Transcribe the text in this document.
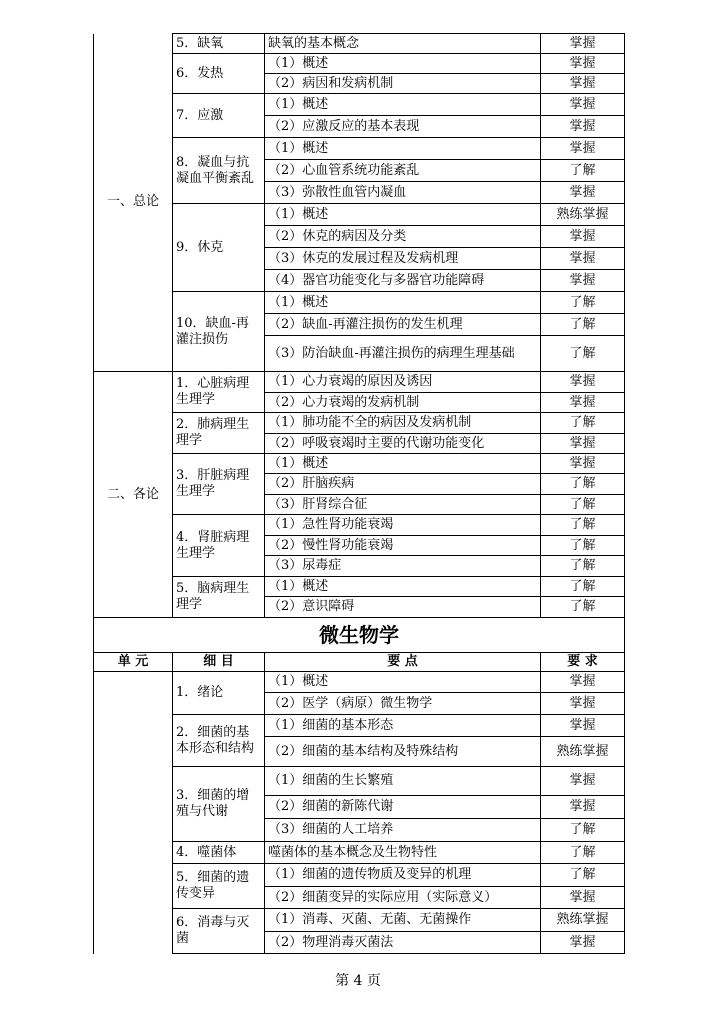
一、总论	5．缺氧	缺氧的基本概念	掌握
	6．发热	（1）概述	掌握
		（2）病因和发病机制	掌握
	7．应激	（1）概述	掌握
		（2）应激反应的基本表现	掌握
	8．凝血与抗凝血平衡紊乱	（1）概述	掌握
		（2）心血管系统功能紊乱	了解
		（3）弥散性血管内凝血	掌握
	9．休克	（1）概述	熟练掌握
		（2）休克的病因及分类	掌握
		（3）休克的发展过程及发病机理	掌握
		（4）器官功能变化与多器官功能障碍	掌握
	10．缺血-再灌注损伤	（1）概述	了解
		（2）缺血-再灌注损伤的发生机理	了解
		（3）防治缺血-再灌注损伤的病理生理基础	了解
二、各论	1．心脏病理生理学	（1）心力衰竭的原因及诱因	掌握
		（2）心力衰竭的发病机制	掌握
	2．肺病理生理学	（1）肺功能不全的病因及发病机制	了解
		（2）呼吸衰竭时主要的代谢功能变化	掌握
	3．肝脏病理生理学	（1）概述	掌握
		（2）肝脑疾病	了解
		（3）肝肾综合征	了解
	4．肾脏病理生理学	（1）急性肾功能衰竭	了解
		（2）慢性肾功能衰竭	了解
		（3）尿毒症	了解
	5．脑病理生理学	（1）概述	了解
		（2）意识障碍	了解
微生物学			
单 元	细 目	要 点	要 求
	1．绪论	（1）概述	掌握
		（2）医学（病原）微生物学	掌握
	2．细菌的基本形态和结构	（1）细菌的基本形态	掌握
		（2）细菌的基本结构及特殊结构	熟练掌握
	3．细菌的增殖与代谢	（1）细菌的生长繁殖	掌握
		（2）细菌的新陈代谢	掌握
		（3）细菌的人工培养	了解
	4．噬菌体	噬菌体的基本概念及生物特性	了解
	5．细菌的遗传变异	（1）细菌的遗传物质及变异的机理	了解
		（2）细菌变异的实际应用（实际意义）	掌握
	6．消毒与灭菌	（1）消毒、灭菌、无菌、无菌操作	熟练掌握
		（2）物理消毒灭菌法	掌握
第 4 页
